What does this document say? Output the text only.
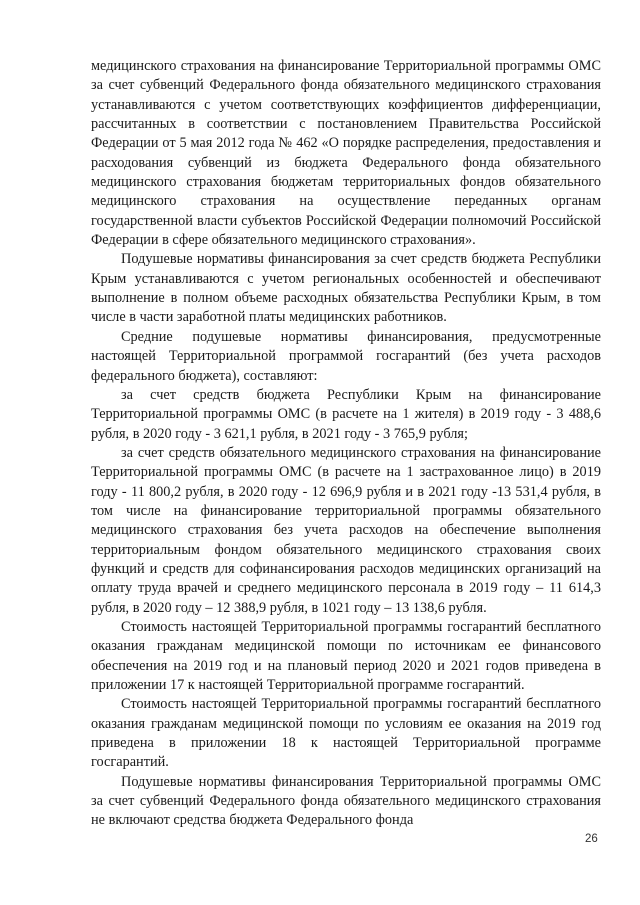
медицинского страхования на финансирование Территориальной программы ОМС за счет субвенций Федерального фонда обязательного медицинского страхования устанавливаются с учетом соответствующих коэффициентов дифференциации, рассчитанных в соответствии с постановлением Правительства Российской Федерации от 5 мая 2012 года № 462 «О порядке распределения, предоставления и расходования субвенций из бюджета Федерального фонда обязательного медицинского страхования бюджетам территориальных фондов обязательного медицинского страхования на осуществление переданных органам государственной власти субъектов Российской Федерации полномочий Российской Федерации в сфере обязательного медицинского страхования».

Подушевые нормативы финансирования за счет средств бюджета Республики Крым устанавливаются с учетом региональных особенностей и обеспечивают выполнение в полном объеме расходных обязательства Республики Крым, в том числе в части заработной платы медицинских работников.

Средние подушевые нормативы финансирования, предусмотренные настоящей Территориальной программой госгарантий (без учета расходов федерального бюджета), составляют:

за счет средств бюджета Республики Крым на финансирование Территориальной программы ОМС (в расчете на 1 жителя) в 2019 году - 3 488,6 рубля, в 2020 году - 3 621,1 рубля, в 2021 году - 3 765,9 рубля;

за счет средств обязательного медицинского страхования на финансирование Территориальной программы ОМС (в расчете на 1 застрахованное лицо) в 2019 году - 11 800,2 рубля, в 2020 году - 12 696,9 рубля и в 2021 году -13 531,4 рубля, в том числе на финансирование территориальной программы обязательного медицинского страхования без учета расходов на обеспечение выполнения территориальным фондом обязательного медицинского страхования своих функций и средств для софинансирования расходов медицинских организаций на оплату труда врачей и среднего медицинского персонала в 2019 году – 11 614,3 рубля, в 2020 году – 12 388,9 рубля, в 1021 году – 13 138,6 рубля.

Стоимость настоящей Территориальной программы госгарантий бесплатного оказания гражданам медицинской помощи по источникам ее финансового обеспечения на 2019 год и на плановый период 2020 и 2021 годов приведена в приложении 17 к настоящей Территориальной программе госгарантий.

Стоимость настоящей Территориальной программы госгарантий бесплатного оказания гражданам медицинской помощи по условиям ее оказания на 2019 год приведена в приложении 18 к настоящей Территориальной программе госгарантий.

Подушевые нормативы финансирования Территориальной программы ОМС за счет субвенций Федерального фонда обязательного медицинского страхования не включают средства бюджета Федерального фонда

26
